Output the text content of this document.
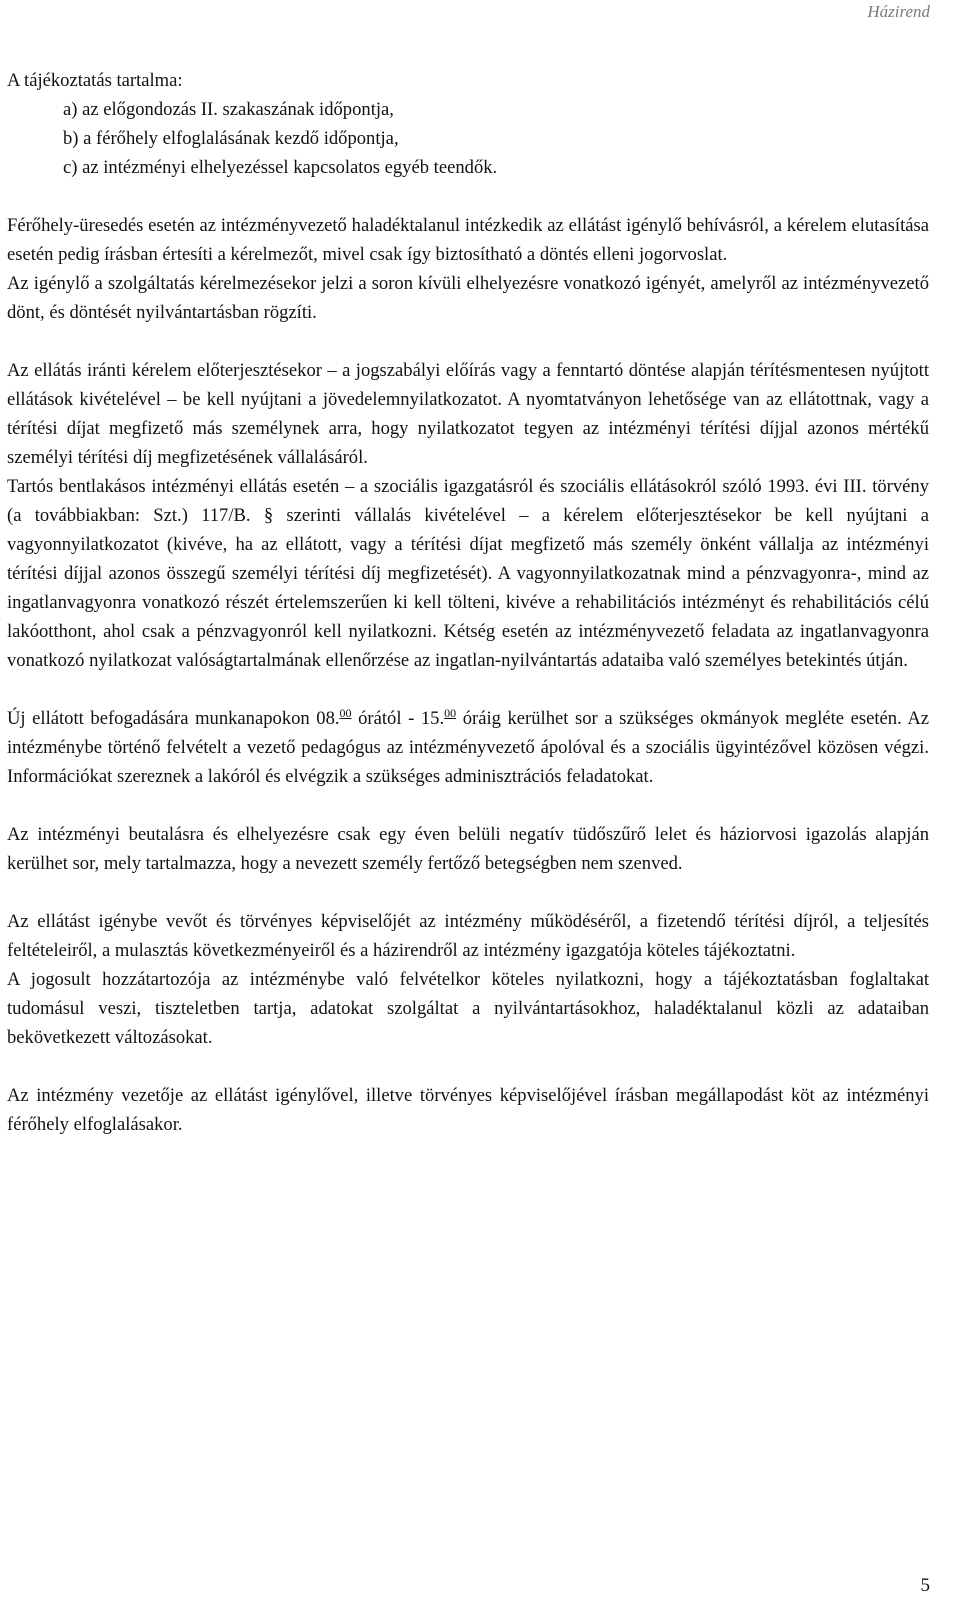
Házirend
A tájékoztatás tartalma:
a) az előgondozás II. szakaszának időpontja,
b) a férőhely elfoglalásának kezdő időpontja,
c) az intézményi elhelyezéssel kapcsolatos egyéb teendők.

Férőhely-üresedés esetén az intézményvezető haladéktalanul intézkedik az ellátást igénylő behívásról, a kérelem elutasítása esetén pedig írásban értesíti a kérelmezőt, mivel csak így biztosítható a döntés elleni jogorvoslat.

Az igénylő a szolgáltatás kérelmezésekor jelzi a soron kívüli elhelyezésre vonatkozó igényét, amelyről az intézményvezető dönt, és döntését nyilvántartásban rögzíti.

Az ellátás iránti kérelem előterjesztésekor – a jogszabályi előírás vagy a fenntartó döntése alapján térítésmentesen nyújtott ellátások kivételével – be kell nyújtani a jövedelemnyilatkozatot. A nyomtatványon lehetősége van az ellátottnak, vagy a térítési díjat megfizető más személynek arra, hogy nyilatkozatot tegyen az intézményi térítési díjjal azonos mértékű személyi térítési díj megfizetésének vállalásáról.

Tartós bentlakásos intézményi ellátás esetén – a szociális igazgatásról és szociális ellátásokról szóló 1993. évi III. törvény (a továbbiakban: Szt.) 117/B. § szerinti vállalás kivételével – a kérelem előterjesztésekor be kell nyújtani a vagyonnyilatkozatot (kivéve, ha az ellátott, vagy a térítési díjat megfizető más személy önként vállalja az intézményi térítési díjjal azonos összegű személyi térítési díj megfizetését). A vagyonnyilatkozatnak mind a pénzvagyonra-, mind az ingatlanvagyonra vonatkozó részét értelemszerűen ki kell tölteni, kivéve a rehabilitációs intézményt és rehabilitációs célú lakóotthont, ahol csak a pénzvagyonról kell nyilatkozni. Kétség esetén az intézményvezető feladata az ingatlanvagyonra vonatkozó nyilatkozat valóságtartalmának ellenőrzése az ingatlan-nyilvántartás adataiba való személyes betekintés útján.

Új ellátott befogadására munkanapokon 08.00 órától - 15.00 óráig kerülhet sor a szükséges okmányok megléte esetén. Az intézménybe történő felvételt a vezető pedagógus az intézményvezető ápolóval és a szociális ügyintézővel közösen végzi. Információkat szereznek a lakóról és elvégzik a szükséges adminisztrációs feladatokat.

Az intézményi beutalásra és elhelyezésre csak egy éven belüli negatív tüdőszűrő lelet és háziorvosi igazolás alapján kerülhet sor, mely tartalmazza, hogy a nevezett személy fertőző betegségben nem szenved.

Az ellátást igénybe vevőt és törvényes képviselőjét az intézmény működéséről, a fizetendő térítési díjról, a teljesítés feltételeiről, a mulasztás következményeiről és a házirendről az intézmény igazgatója köteles tájékoztatni.

A jogosult hozzátartozója az intézménybe való felvételkor köteles nyilatkozni, hogy a tájékoztatásban foglaltakat tudomásul veszi, tiszteletben tartja, adatokat szolgáltat a nyilvántartásokhoz, haladéktalanul közli az adataiban bekövetkezett változásokat.

Az intézmény vezetője az ellátást igénylővel, illetve törvényes képviselőjével írásban megállapodást köt az intézményi férőhely elfoglalásakor.

5
